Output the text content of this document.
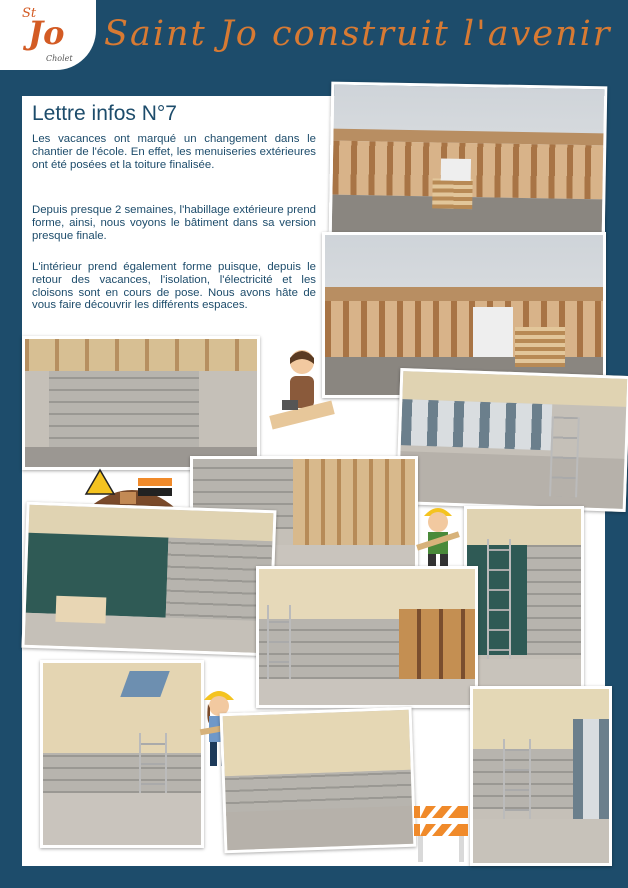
St
Jo
Cholet
Saint Jo construit l'avenir
Lettre infos N°7
Les vacances ont marqué un changement dans le chantier de l'école. En effet, les menuiseries extérieures ont été posées et la toiture finalisée.
Depuis presque 2 semaines, l'habillage extérieure prend forme, ainsi, nous voyons le bâtiment dans sa version presque finale.
L'intérieur prend également forme puisque, depuis le retour des vacances, l'isolation, l'électricité et les cloisons sont en cours de pose. Nous avons hâte de vous faire découvrir les différents espaces.
